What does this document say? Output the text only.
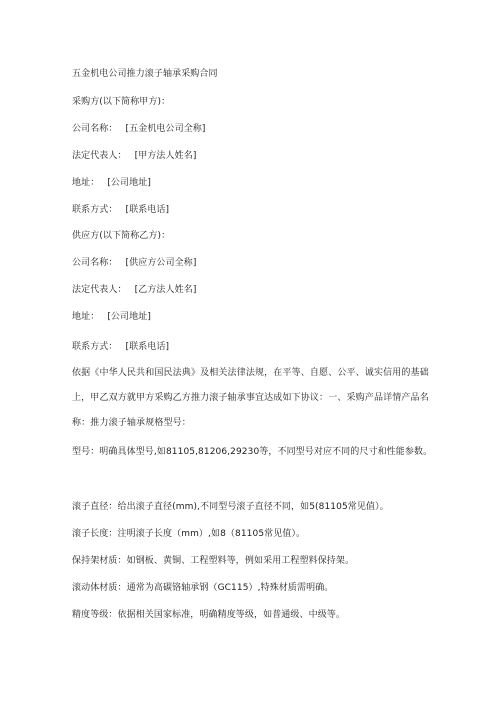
五金机电公司推力滚子轴承采购合同
采购方(以下简称甲方)：
公司名称： [五金机电公司全称]
法定代表人： [甲方法人姓名]
地址： [公司地址]
联系方式： [联系电话]
供应方(以下简称乙方)：
公司名称： [供应方公司全称]
法定代表人： [乙方法人姓名]
地址： [公司地址]
联系方式： [联系电话]
依据《中华人民共和国民法典》及相关法律法规，在平等、自愿、公平、诚实信用的基础上，甲乙双方就甲方采购乙方推力滚子轴承事宜达成如下协议：一、采购产品详情产品名称：推力滚子轴承规格型号：
型号：明确具体型号,如81105,81206,29230等，不同型号对应不同的尺寸和性能参数。
滚子直径：给出滚子直径(mm),不同型号滚子直径不同，如5(81105常见值）。
滚子长度：注明滚子长度（mm）,如8（81105常见值）。
保持架材质：如钢板、黄铜、工程塑料等，例如采用工程塑料保持架。
滚动体材质：通常为高碳铬轴承钢（GC115）,特殊材质需明确。
精度等级：依据相关国家标准，明确精度等级，如普通级、中级等。
